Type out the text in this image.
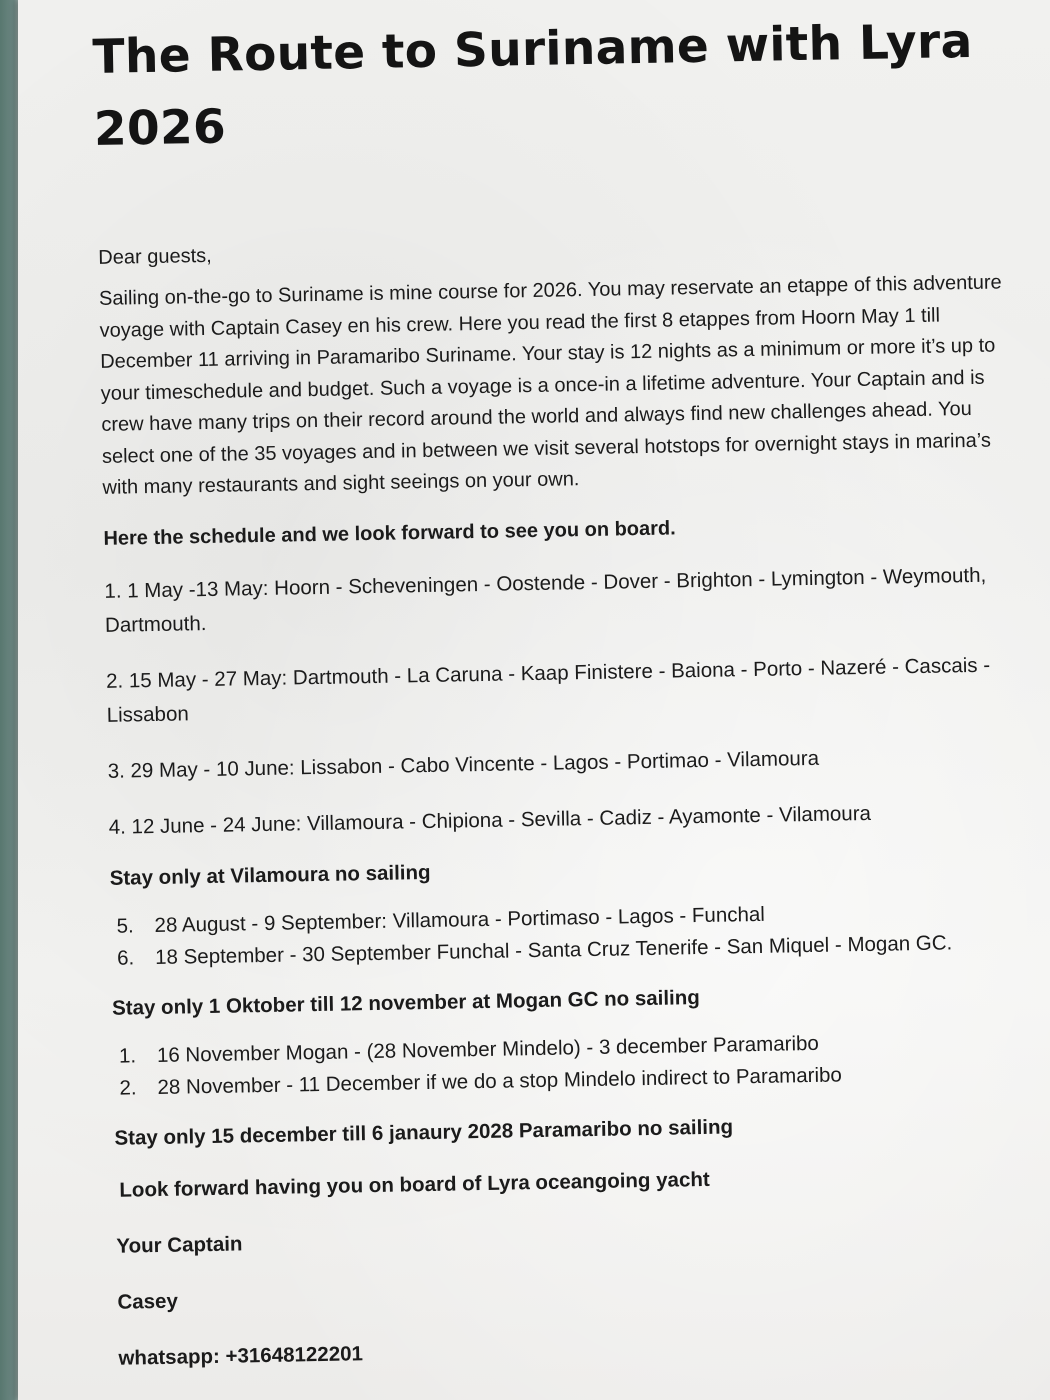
The Route to Suriname with Lyra 2026

Dear guests,

Sailing on-the-go to Suriname is mine course for 2026. You may reservate an etappe of this adventure voyage with Captain Casey en his crew. Here you read the first 8 etappes from Hoorn May 1 till December 11 arriving in Paramaribo Suriname. Your stay is 12 nights as a minimum or more it’s up to your timeschedule and budget. Such a voyage is a once-in a lifetime adventure. Your Captain and is crew have many trips on their record around the world and always find new challenges ahead. You select one of the 35 voyages and in between we visit several hotstops for overnight stays in marina’s with many restaurants and sight seeings on your own.

Here the schedule and we look forward to see you on board.

1. 1 May -13 May: Hoorn - Scheveningen - Oostende - Dover - Brighton - Lymington - Weymouth, Dartmouth.

2. 15 May - 27 May: Dartmouth - La Caruna - Kaap Finistere - Baiona - Porto - Nazeré - Cascais - Lissabon

3. 29 May - 10 June: Lissabon - Cabo Vincente - Lagos - Portimao - Vilamoura

4. 12 June - 24 June: Villamoura - Chipiona - Sevilla - Cadiz - Ayamonte - Vilamoura

Stay only at Vilamoura no sailing

5. 28 August - 9 September: Villamoura - Portimaso - Lagos - Funchal
6. 18 September - 30 September Funchal - Santa Cruz Tenerife - San Miquel - Mogan GC.

Stay only 1 Oktober till 12 november at Mogan GC no sailing

1. 16 November Mogan - (28 November Mindelo) - 3 december Paramaribo
2. 28 November - 11 December if we do a stop Mindelo indirect to Paramaribo

Stay only 15 december till 6 janaury 2028 Paramaribo no sailing

Look forward having you on board of Lyra oceangoing yacht

Your Captain

Casey

whatsapp: +31648122201
